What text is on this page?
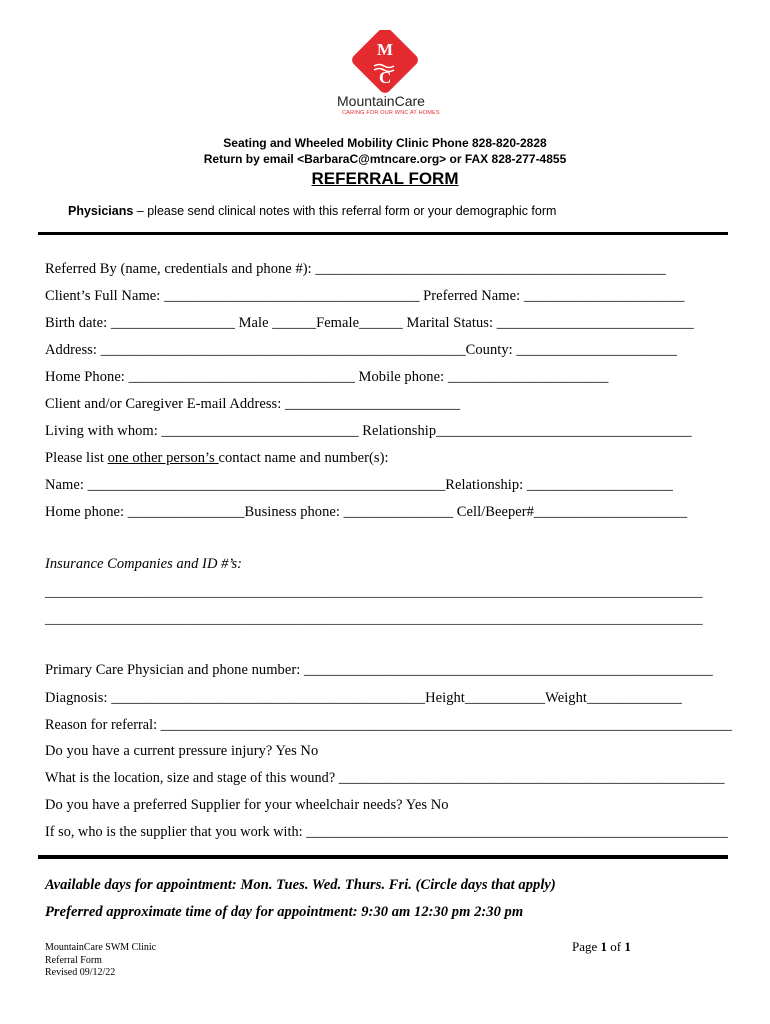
M
C
MountainCare
CARING FOR OUR WNC AT HOMES
Seating and Wheeled Mobility Clinic Phone 828-820-2828
Return by email <BarbaraC@mtncare.org> or FAX 828-277-4855
REFERRAL FORM
Physicians – please send clinical notes with this referral form or your demographic form
Referred By (name, credentials and phone #): ________________________________________________
Client’s Full Name: ___________________________________ Preferred Name: ______________________
Birth date: _________________ Male ______Female______ Marital Status: ___________________________
Address: __________________________________________________County: ______________________
Home Phone: _______________________________ Mobile phone: ______________________
Client and/or Caregiver E-mail Address: ________________________
Living with whom: ___________________________ Relationship___________________________________
Please list one other person’s contact name and number(s):
Name: _________________________________________________Relationship: ____________________
Home phone: ________________Business phone: _______________ Cell/Beeper#_____________________
Insurance Companies and ID #’s:
______________________________________________________________________________________________
______________________________________________________________________________________________
Primary Care Physician and phone number: ________________________________________________________
Diagnosis: ___________________________________________Height___________Weight_____________
Reason for referral: ________________________________________________________________________________
Do you have a current pressure injury? Yes No
What is the location, size and stage of this wound? ______________________________________________________
Do you have a preferred Supplier for your wheelchair needs? Yes No
If so, who is the supplier that you work with: ___________________________________________________________
Available days for appointment: Mon. Tues. Wed. Thurs. Fri. (Circle days that apply)
Preferred approximate time of day for appointment: 9:30 am 12:30 pm 2:30 pm
MountainCare SWM Clinic
Referral Form
Revised 09/12/22
Page 1 of 1
